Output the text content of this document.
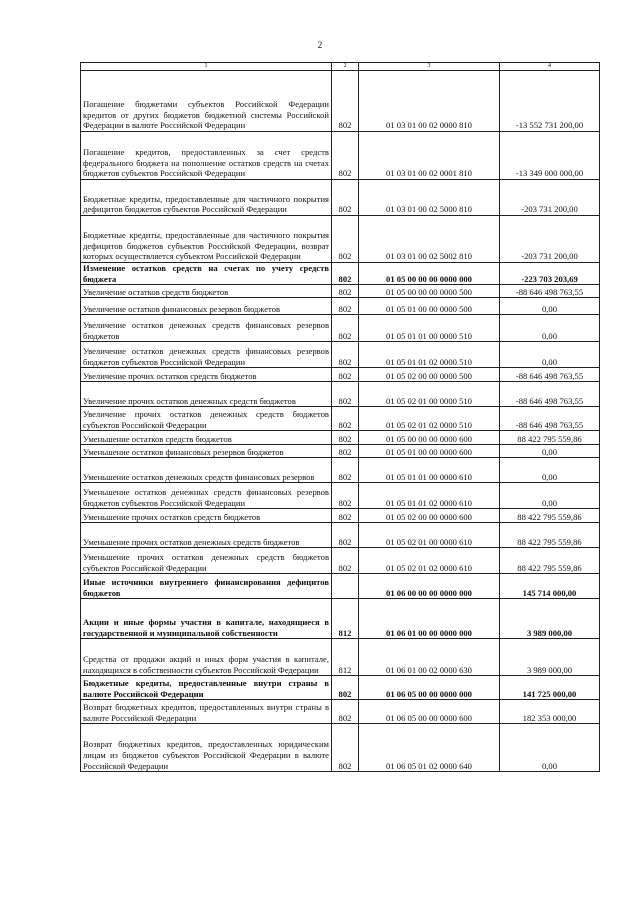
2
1	2	3	4
Погашение бюджетами субъектов Российской Федерации кредитов от других бюджетов бюджетной системы Российской Федерации в валюте Российской Федерации	802	01 03 01 00 02 0000 810	-13 552 731 200,00
Погашение кредитов, предоставленных за счет средств федерального бюджета на пополнение остатков средств на счетах бюджетов субъектов Российской Федерации	802	01 03 01 00 02 0001 810	-13 349 000 000,00
Бюджетные кредиты, предоставленные для частичного покрытия дефицитов бюджетов субъектов Российской Федерации	802	01 03 01 00 02 5000 810	-203 731 200,00
Бюджетные кредиты, предоставленные для частичного покрытия дефицитов бюджетов субъектов Российской Федерации, возврат которых осуществляется субъектом Российской Федерации	802	01 03 01 00 02 5002 810	-203 731 200,00
Изменение остатков средств на счетах по учету средств бюджета	802	01 05 00 00 00 0000 000	-223 703 203,69
Увеличение остатков средств бюджетов	802	01 05 00 00 00 0000 500	-88 646 498 763,55
Увеличение остатков финансовых резервов бюджетов	802	01 05 01 00 00 0000 500	0,00
Увеличение остатков денежных средств финансовых резервов бюджетов	802	01 05 01 01 00 0000 510	0,00
Увеличение остатков денежных средств финансовых резервов бюджетов субъектов Российской Федерации	802	01 05 01 01 02 0000 510	0,00
Увеличение прочих остатков средств бюджетов	802	01 05 02 00 00 0000 500	-88 646 498 763,55
Увеличение прочих остатков денежных средств бюджетов	802	01 05 02 01 00 0000 510	-88 646 498 763,55
Увеличение прочих остатков денежных средств бюджетов субъектов Российской Федерации	802	01 05 02 01 02 0000 510	-88 646 498 763,55
Уменьшение остатков средств бюджетов	802	01 05 00 00 00 0000 600	88 422 795 559,86
Уменьшение остатков финансовых резервов бюджетов	802	01 05 01 00 00 0000 600	0,00
Уменьшение остатков денежных средств финансовых резервов	802	01 05 01 01 00 0000 610	0,00
Уменьшение остатков денежных средств финансовых резервов бюджетов субъектов Российской Федерации	802	01 05 01 01 02 0000 610	0,00
Уменьшение прочих остатков средств бюджетов	802	01 05 02 00 00 0000 600	88 422 795 559,86
Уменьшение прочих остатков денежных средств бюджетов	802	01 05 02 01 00 0000 610	88 422 795 559,86
Уменьшение прочих остатков денежных средств бюджетов субъектов Российской Федерации	802	01 05 02 01 02 0000 610	88 422 795 559,86
Иные источники внутреннего финансирования дефицитов бюджетов		01 06 00 00 00 0000 000	145 714 000,00
Акции и иные формы участия в капитале, находящиеся в государственной и муниципальной собственности	812	01 06 01 00 00 0000 000	3 989 000,00
Средства от продажи акций и иных форм участия в капитале, находящихся в собственности субъектов Российской Федерации	812	01 06 01 00 02 0000 630	3 989 000,00
Бюджетные кредиты, предоставленные внутри страны в валюте Российской Федерации	802	01 06 05 00 00 0000 000	141 725 000,00
Возврат бюджетных кредитов, предоставленных внутри страны в валюте Российской Федерации	802	01 06 05 00 00 0000 600	182 353 000,00
Возврат бюджетных кредитов, предоставленных юридическим лицам из бюджетов субъектов Российской Федерации в валюте Российской Федерации	802	01 06 05 01 02 0000 640	0,00
